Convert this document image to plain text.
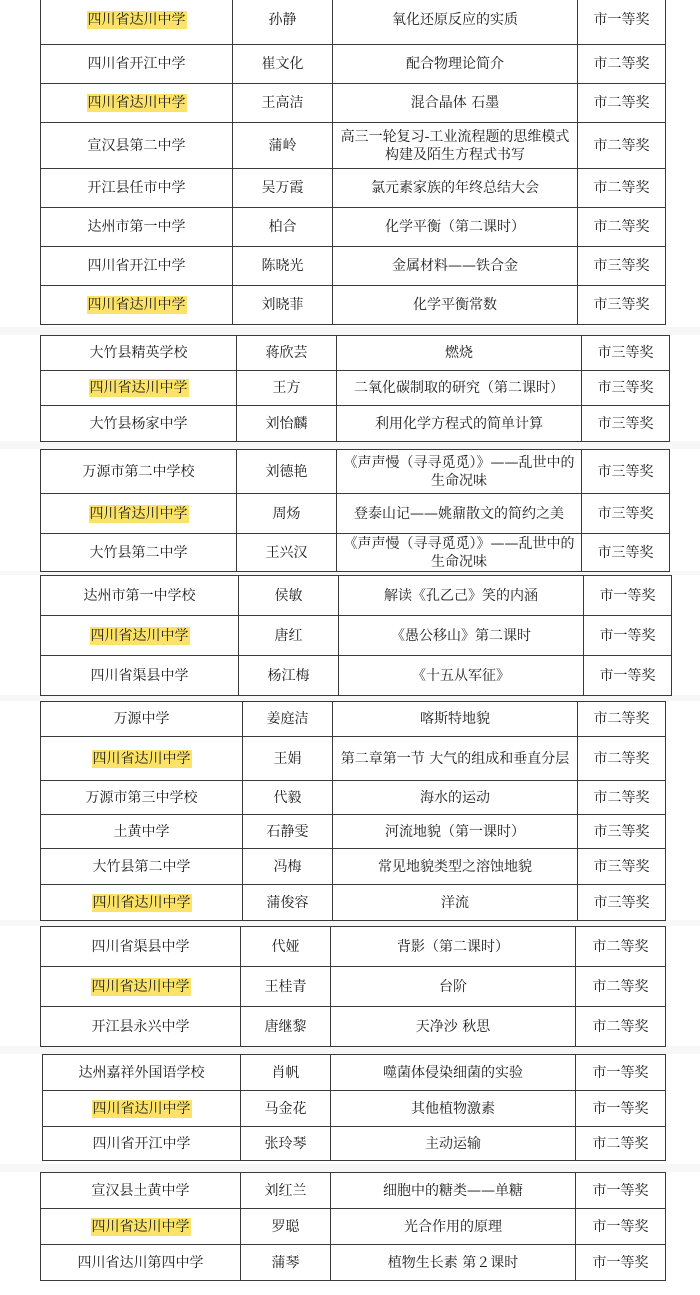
四川省达川中学	孙静	氧化还原反应的实质	市一等奖
四川省开江中学	崔文化	配合物理论简介	市二等奖
四川省达川中学	王高洁	混合晶体 石墨	市二等奖
宣汉县第二中学	蒲岭	高三一轮复习-工业流程题的思维模式构建及陌生方程式书写	市二等奖
开江县任市中学	吴万霞	氯元素家族的年终总结大会	市二等奖
达州市第一中学	柏合	化学平衡（第二课时）	市二等奖
四川省开江中学	陈晓光	金属材料——铁合金	市三等奖
四川省达川中学	刘晓菲	化学平衡常数	市三等奖
大竹县精英学校	蒋欣芸	燃烧	市三等奖
四川省达川中学	王方	二氧化碳制取的研究（第二课时）	市三等奖
大竹县杨家中学	刘怡麟	利用化学方程式的简单计算	市三等奖
万源市第二中学校	刘德艳	《声声慢（寻寻觅觅）》——乱世中的生命况味	市三等奖
四川省达川中学	周炀	登泰山记——姚鼐散文的简约之美	市三等奖
大竹县第二中学	王兴汉	《声声慢（寻寻觅觅）》——乱世中的生命况味	市三等奖
达州市第一中学校	侯敏	解读《孔乙己》笑的内涵	市一等奖
四川省达川中学	唐红	《愚公移山》第二课时	市一等奖
四川省渠县中学	杨江梅	《十五从军征》	市一等奖
万源中学	姜庭洁	喀斯特地貌	市二等奖
四川省达川中学	王娟	第二章第一节 大气的组成和垂直分层	市二等奖
万源市第三中学校	代毅	海水的运动	市二等奖
土黄中学	石静雯	河流地貌（第一课时）	市三等奖
大竹县第二中学	冯梅	常见地貌类型之溶蚀地貌	市三等奖
四川省达川中学	蒲俊容	洋流	市三等奖
四川省渠县中学	代娅	背影（第二课时）	市二等奖
四川省达川中学	王桂青	台阶	市二等奖
开江县永兴中学	唐继黎	天净沙 秋思	市二等奖
达州嘉祥外国语学校	肖帆	噬菌体侵染细菌的实验	市一等奖
四川省达川中学	马金花	其他植物激素	市一等奖
四川省开江中学	张玲琴	主动运输	市二等奖
宣汉县土黄中学	刘红兰	细胞中的糖类——单糖	市一等奖
四川省达川中学	罗聪	光合作用的原理	市一等奖
四川省达川第四中学	蒲琴	植物生长素 第２课时	市一等奖
